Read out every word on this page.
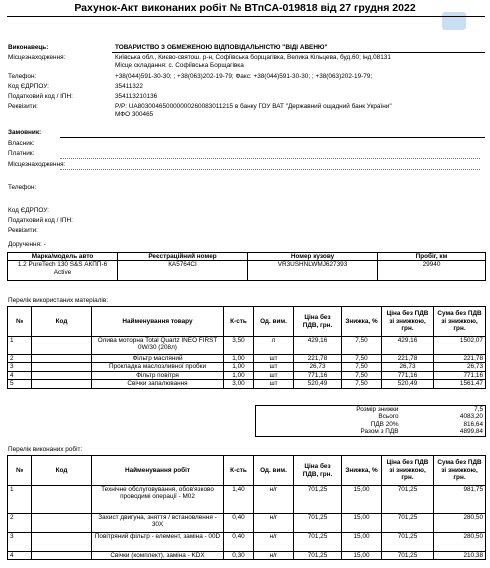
Рахунок-Акт виконаних робіт № ВТпСА-019818 від 27 грудня 2022
Виконавець:	ТОВАРИСТВО З ОБМЕЖЕНОЮ ВІДПОВІДАЛЬНІСТЮ "ВІДІ АВЕНЮ"
Місцезнаходження:	Київська обл., Києво-святош. р-н, Софіївська борщагівка, Велика Кільцева, буд.60; інд.08131
Місце складання: с. Софіївська Борщагівка
Телефон:	+38(044)591-30-30; ; +38(063)202-19-79; Факс: +38(044)591-30-30; ; +38(063)202-19-79;
Код ЄДРПОУ:	35411322
Податковий код / ІПН:	354113210136
Реквізити:	Р/Р: UA803004650000000260083011215 в банку ГОУ ВАТ "Державний ощадний банк України"
МФО 300465
Замовник:
Власник:
Платник:
Місцезнаходження:
Телефон:
Код ЄДРПОУ:
Податковий код / ІПН:
Реквізити:
Доручення: -
Марка/модель авто	Реєстраційний номер	Номер кузову	Пробіг, км
1.2 PureTech 130 S&S АКПП-6 Active	КА5764СІ	VR3USHNLWMJ627393	29940
Перелік використаних матеріалів:
№	Код	Найменування товару	К-сть	Од. вим.	Ціна без ПДВ, грн.	Знижка, %	Ціна без ПДВ зі знижкою, грн.	Сума без ПДВ зі знижкою, грн.
1		Олива моторна Total Quartz INEO FIRST 0W/30 (208л)	3,50	л	429,16	7,50	429,16	1502,07
2		Фільтр масляний	1,00	шт	221,78	7,50	221,78	221,78
3		Прокладка маслозливної пробки	1,00	шт	26,73	7,50	26,73	26,73
4		Фільтр повітря	1,00	шт	771,16	7,50	771,16	771,16
5		Свічки запалювання	3,00	шт	520,49	7,50	520,49	1561,47
Розмір знижки	7,5
Всього	4083,20
ПДВ 20%	816,64
Разом з ПДВ	4899,84
Перелік виконаних робіт:
№	Код	Найменування робіт	К-сть	Од. вим.	Ціна без ПДВ, грн.	Знижка, %	Ціна без ПДВ зі знижкою, грн.	Сума без ПДВ зі знижкою, грн.
1		Технічне обслуговування, обов'язково проводимі операції - М02	1,40	н/г	701,25	15,00	701,25	981,75
2		Захист двигуна, зняття / встановлення - 30Х	0,40	н/г	701,25	15,00	701,25	280,50
3		Повітряний фільтр - елемент, заміна - 00D	0,40	н/г	701,25	15,00	701,25	280,50
4		Свічки (комплект), заміна - KDX	0,30	н/г	701,25	15,00	701,25	210,38
